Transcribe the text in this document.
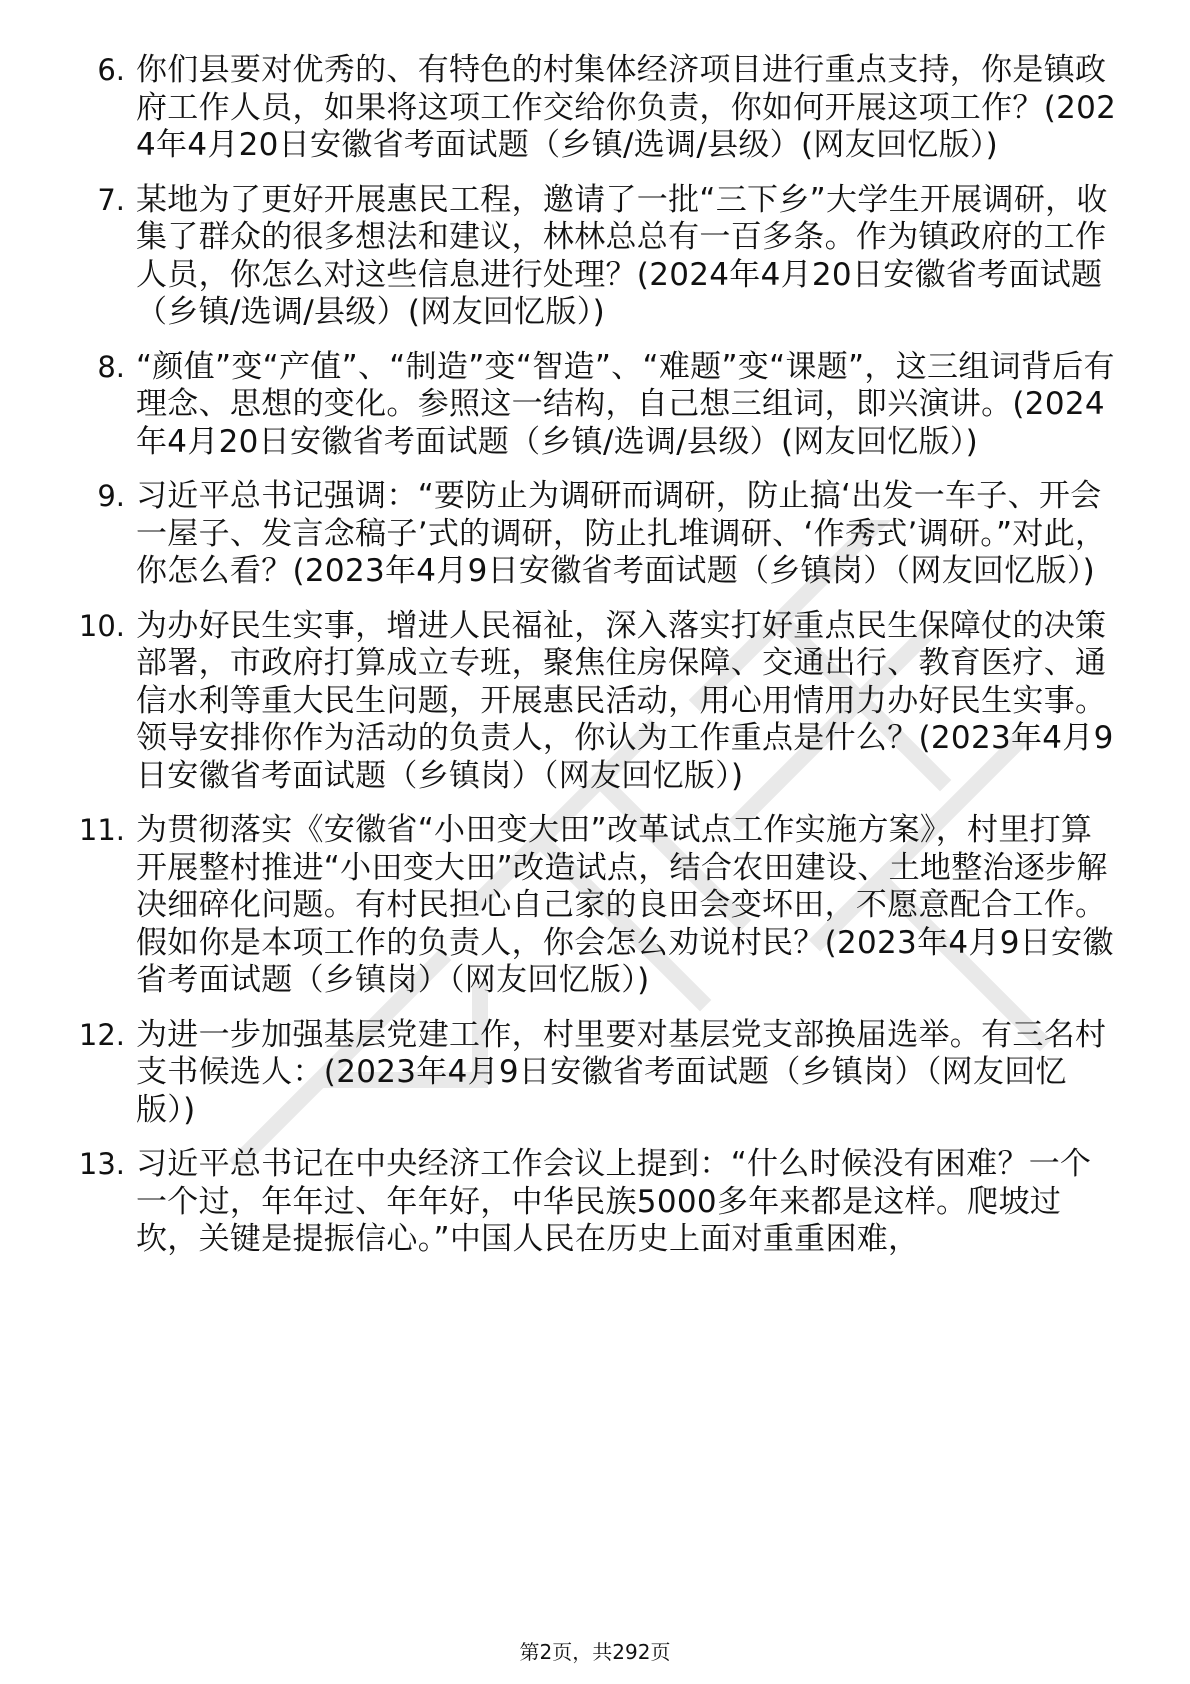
6. 你们县要对优秀的、有特色的村集体经济项目进行重点支持，你是镇政府工作人员，如果将这项工作交给你负责，你如何开展这项工作？(2024年4月20日安徽省考面试题（乡镇/选调/县级）(网友回忆版）)
7. 某地为了更好开展惠民工程，邀请了一批“三下乡”大学生开展调研，收集了群众的很多想法和建议，林林总总有一百多条。作为镇政府的工作人员，你怎么对这些信息进行处理？(2024年4月20日安徽省考面试题（乡镇/选调/县级）(网友回忆版）)
8. “颜值”变“产值”、“制造”变“智造”、“难题”变“课题”，这三组词背后有理念、思想的变化。参照这一结构，自己想三组词，即兴演讲。(2024年4月20日安徽省考面试题（乡镇/选调/县级）(网友回忆版）)
9. 习近平总书记强调：“要防止为调研而调研，防止搞‘出发一车子、开会一屋子、发言念稿子’式的调研，防止扎堆调研、‘作秀式’调研。”对此，你怎么看？(2023年4月9日安徽省考面试题（乡镇岗）（网友回忆版）)
10. 为办好民生实事，增进人民福祉，深入落实打好重点民生保障仗的决策部署，市政府打算成立专班，聚焦住房保障、交通出行、教育医疗、通信水利等重大民生问题，开展惠民活动，用心用情用力办好民生实事。领导安排你作为活动的负责人，你认为工作重点是什么？(2023年4月9日安徽省考面试题（乡镇岗）（网友回忆版）)
11. 为贯彻落实《安徽省“小田变大田”改革试点工作实施方案》，村里打算开展整村推进“小田变大田”改造试点，结合农田建设、土地整治逐步解决细碎化问题。有村民担心自己家的良田会变坏田，不愿意配合工作。假如你是本项工作的负责人，你会怎么劝说村民？(2023年4月9日安徽省考面试题（乡镇岗）（网友回忆版）)
12. 为进一步加强基层党建工作，村里要对基层党支部换届选举。有三名村支书候选人：(2023年4月9日安徽省考面试题（乡镇岗）（网友回忆版）)
13. 习近平总书记在中央经济工作会议上提到：“什么时候没有困难？一个一个过，年年过、年年好，中华民族5000多年来都是这样。爬坡过坎，关键是提振信心。”中国人民在历史上面对重重困难，
第2页，共292页
